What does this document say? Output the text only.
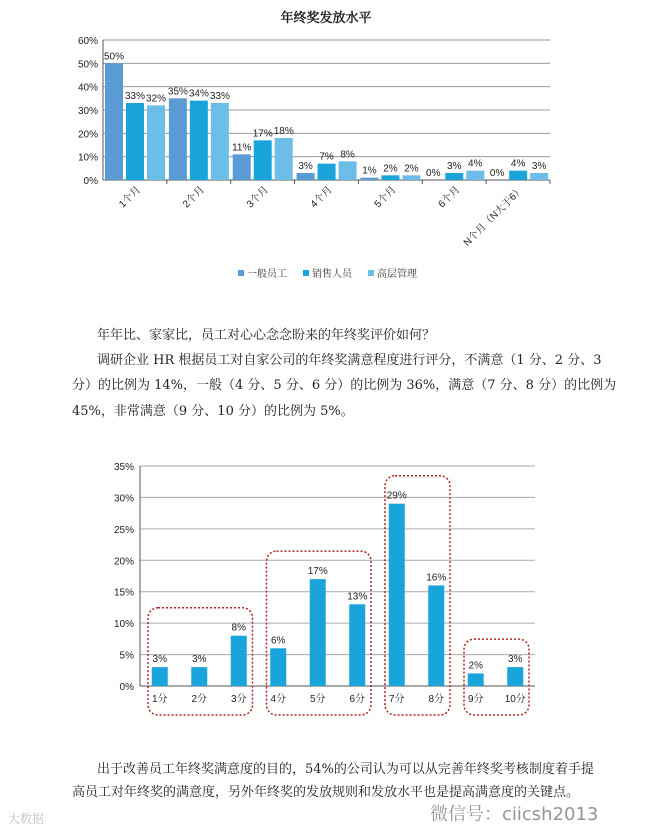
年终奖发放水平
0%
10%
20%
30%
40%
50%
60%
50%
33% 32%
1个月
35% 34% 33%
2个月
11%
17% 18%
3个月
3%
7% 8%
4个月
1% 2% 2%
5个月
0%
3% 4%
6个月
0%
4% 3%
N个月（N大于6）
一般员工	销售人员	高层管理
年年比、家家比，员工对心心念念盼来的年终奖评价如何？
调研企业 HR 根据员工对自家公司的年终奖满意程度进行评分，不满意（1 分、2 分、3
分）的比例为 14%，一般（4 分、5 分、6 分）的比例为 36%，满意（7 分、8 分）的比例为
45%，非常满意（9 分、10 分）的比例为 5%。
0%
5%
10%
15%
20%
25%
30%
35%
3%
1分
3%
2分
8%
3分
6%
4分
17%
5分
13%
6分
29%
7分
16%
8分
2%
9分
3%
10分
出于改善员工年终奖满意度的目的，54%的公司认为可以从完善年终奖考核制度着手提
高员工对年终奖的满意度，另外年终奖的发放规则和发放水平也是提高满意度的关键点。
微信号：ciicsh2013
大数据
